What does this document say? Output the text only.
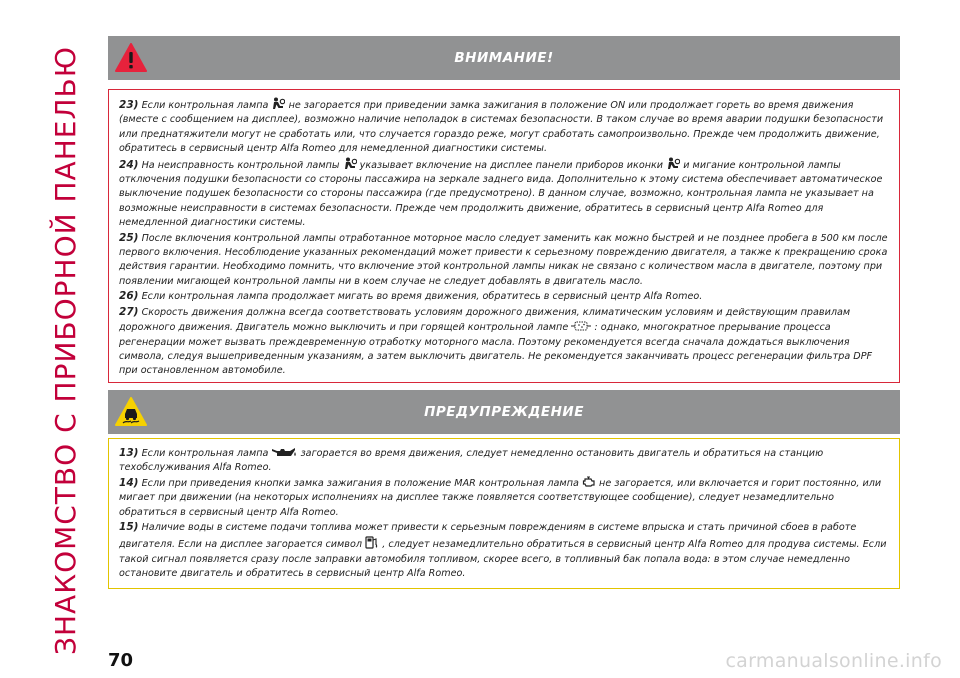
ЗНАКОМСТВО С ПРИБОРНОЙ ПАНЕЛЬЮ	ВНИМАНИЕ!

23) Если контрольная лампа не загорается при приведении замка зажигания в положение ON или продолжает гореть во время движения (вместе с сообщением на дисплее), возможно наличие неполадок в системах безопасности. В таком случае во время аварии подушки безопасности или преднатяжители могут не сработать или, что случается гораздо реже, могут сработать самопроизвольно. Прежде чем продолжить движение, обратитесь в сервисный центр Alfa Romeo для немедленной диагностики системы.

24) На неисправность контрольной лампы указывает включение на дисплее панели приборов иконки и мигание контрольной лампы отключения подушки безопасности со стороны пассажира на зеркале заднего вида. Дополнительно к этому система обеспечивает автоматическое выключение подушек безопасности со стороны пассажира (где предусмотрено). В данном случае, возможно, контрольная лампа не указывает на возможные неисправности в системах безопасности. Прежде чем продолжить движение, обратитесь в сервисный центр Alfa Romeo для немедленной диагностики системы.

25) После включения контрольной лампы отработанное моторное масло следует заменить как можно быстрей и не позднее пробега в 500 км после первого включения. Несоблюдение указанных рекомендаций может привести к серьезному повреждению двигателя, а также к прекращению срока действия гарантии. Необходимо помнить, что включение этой контрольной лампы никак не связано с количеством масла в двигателе, поэтому при появлении мигающей контрольной лампы ни в коем случае не следует добавлять в двигатель масло.

26) Если контрольная лампа продолжает мигать во время движения, обратитесь в сервисный центр Alfa Romeo.

27) Скорость движения должна всегда соответствовать условиям дорожного движения, климатическим условиям и действующим правилам дорожного движения. Двигатель можно выключить и при горящей контрольной лампе	: однако, многократное прерывание процесса регенерации может вызвать преждевременную отработку моторного масла. Поэтому рекомендуется всегда сначала дождаться выключения символа, следуя вышеприведенным указаниям, а затем выключить двигатель. Не рекомендуется заканчивать процесс регенерации фильтра DPF при остановленном автомобиле.

ПРЕДУПРЕЖДЕНИЕ

13) Если контрольная лампа	загорается во время движения, следует немедленно остановить двигатель и обратиться на станцию техобслуживания Alfa Romeo.

14) Если при приведения кнопки замка зажигания в положение MAR контрольная лампа не загорается, или включается и горит постоянно, или мигает при движении (на некоторых исполнениях на дисплее также появляется соответствующее сообщение), следует незамедлительно обратиться в сервисный центр Alfa Romeo.

15) Наличие воды в системе подачи топлива может привести к серьезным повреждениям в системе впрыска и стать причиной сбоев в работе двигателя. Если на дисплее загорается символ , следует незамедлительно обратиться в сервисный центр Alfa Romeo для продува системы. Если такой сигнал появляется сразу после заправки автомобиля топливом, скорее всего, в топливный бак попала вода: в этом случае немедленно остановите двигатель и обратитесь в сервисный центр Alfa Romeo.

70	carmanualsonline.info
